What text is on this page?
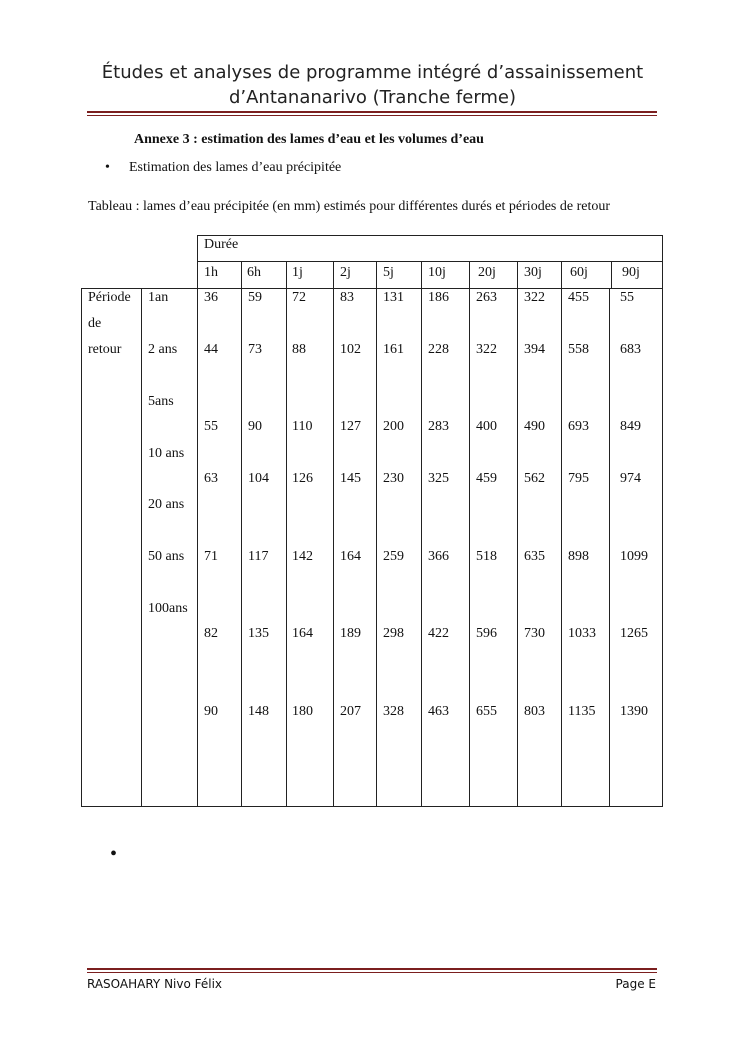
Études et analyses de programme intégré d’assainissement
d’Antananarivo (Tranche ferme)
Annexe 3 : estimation des lames d’eau et les volumes d’eau
• Estimation des lames d’eau précipitée
Tableau : lames d’eau précipitée (en mm) estimés pour différentes durés et périodes de retour
Durée
Période
de
retour
1h 6h 1j	2j 5j 10j 20j 30j 60j 90j
1an
2 ans
5ans
10 ans
20 ans
50 ans
100ans
36 59 72 83 131 186 263 322 455 55
44 73 88 102 161 228 322 394 558 683
55 90 110 127 200 283 400 490 693 849
63 104 126 145 230 325 459 562 795 974
71 117 142 164 259 366 518 635 898 1099
82 135 164 189 298 422 596 730 1033 1265
90 148 180 207 328 463 655 803 1135 1390
•
RASOAHARY Nivo Félix	Page E
